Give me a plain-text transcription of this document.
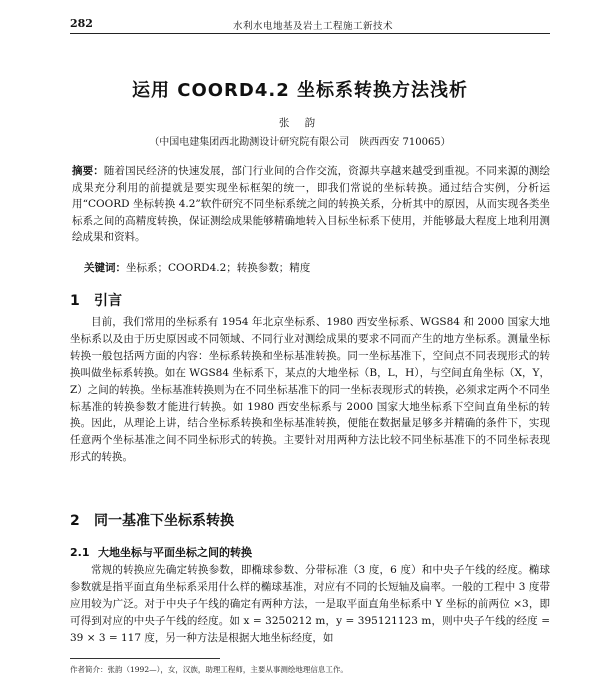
282	水利水电地基及岩土工程施工新技术
运用 COORD4.2 坐标系转换方法浅析
张 韵
（中国电建集团西北勘测设计研究院有限公司　陕西西安 710065）
摘要：随着国民经济的快速发展，部门行业间的合作交流，资源共享越来越受到重视。不同来源的测绘成果充分利用的前提就是要实现坐标框架的统一，即我们常说的坐标转换。通过结合实例，分析运用“COORD 坐标转换 4.2”软件研究不同坐标系统之间的转换关系，分析其中的原因，从而实现各类坐标系之间的高精度转换，保证测绘成果能够精确地转入目标坐标系下使用，并能够最大程度上地利用测绘成果和资料。
关键词：坐标系；COORD4.2；转换参数；精度
1 引言
目前，我们常用的坐标系有 1954 年北京坐标系、1980 西安坐标系、WGS84 和 2000 国家大地坐标系以及由于历史原因或不同领域、不同行业对测绘成果的要求不同而产生的地方坐标系。测量坐标转换一般包括两方面的内容：坐标系转换和坐标基准转换。同一坐标基准下，空间点不同表现形式的转换叫做坐标系转换。如在 WGS84 坐标系下，某点的大地坐标（B，L，H），与空间直角坐标（X，Y，Z）之间的转换。坐标基准转换则为在不同坐标基准下的同一坐标表现形式的转换，必须求定两个不同坐标基准的转换参数才能进行转换。如 1980 西安坐标系与 2000 国家大地坐标系下空间直角坐标的转换。因此，从理论上讲，结合坐标系转换和坐标基准转换，便能在数据量足够多并精确的条件下，实现任意两个坐标基准之间不同坐标形式的转换。主要针对用两种方法比较不同坐标基准下的不同坐标表现形式的转换。
2 同一基准下坐标系转换
2.1 大地坐标与平面坐标之间的转换
常规的转换应先确定转换参数，即椭球参数、分带标准（3 度，6 度）和中央子午线的经度。椭球参数就是指平面直角坐标系采用什么样的椭球基准，对应有不同的长短轴及扁率。一般的工程中 3 度带应用较为广泛。对于中央子午线的确定有两种方法，一是取平面直角坐标系中 Y 坐标的前两位 ×3，即可得到对应的中央子午线的经度。如 x = 3250212 m，y = 395121123 m，则中央子午线的经度 = 39 × 3 = 117 度，另一种方法是根据大地坐标经度，如
作者简介：张韵（1992—），女，汉族，助理工程师，主要从事测绘地理信息工作。
